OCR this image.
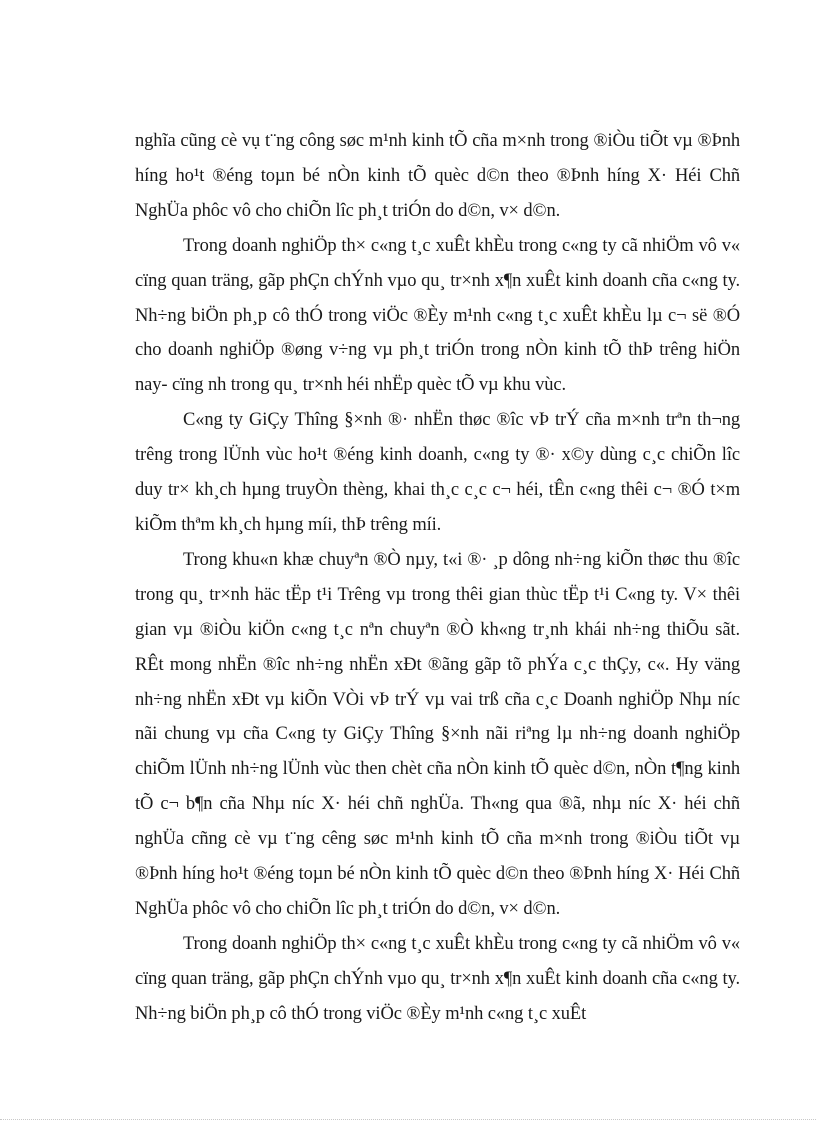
nghĩa cũng cè vụ t¨ng công søc m¹nh kinh tÕ cña m×nh trong ®iÒu tiÕt vµ ®Þnh híng ho¹t ®éng toµn bé nÒn kinh tÕ quèc d©n theo ®Þnh híng X· Héi Chñ NghÜa phôc vô cho chiÕn lîc ph¸t triÓn do d©n, v× d©n.

Trong doanh nghiÖp th× c«ng t¸c xuÊt khÈu trong c«ng ty cã nhiÖm vô v« cïng quan träng, gãp phÇn chÝnh vµo qu¸ tr×nh x¶n xuÊt kinh doanh cña c«ng ty. Nh÷ng biÖn ph¸p cô thÓ trong viÖc ®Èy m¹nh c«ng t¸c xuÊt khÈu lµ c¬ së ®Ó cho doanh nghiÖp ®øng v÷ng vµ ph¸t triÓn trong nÒn kinh tÕ thÞ trêng hiÖn nay- cïng nh trong qu¸ tr×nh héi nhËp quèc tÕ vµ khu vùc.

C«ng ty GiÇy Thîng §×nh ®· nhËn thøc ®îc vÞ trÝ cña m×nh trªn th¬ng trêng trong lÜnh vùc ho¹t ®éng kinh doanh, c«ng ty ®· x©y dùng c¸c chiÕn lîc duy tr× kh¸ch hµng truyÒn thèng, khai th¸c c¸c c¬ héi, tÊn c«ng thêi c¬ ®Ó t×m kiÕm thªm kh¸ch hµng míi, thÞ trêng míi.

Trong khu«n khæ chuyªn ®Ò nµy, t«i ®· ¸p dông nh÷ng kiÕn thøc thu ®îc trong qu¸ tr×nh häc tËp t¹i Trêng vµ trong thêi gian thùc tËp t¹i C«ng ty. V× thêi gian vµ ®iÒu kiÖn c«ng t¸c nªn chuyªn ®Ò kh«ng tr¸nh khái nh÷ng thiÕu sãt. RÊt mong nhËn ®îc nh÷ng nhËn xÐt ®ãng gãp tõ phÝa c¸c thÇy, c«. Hy väng nh÷ng nhËn xÐt vµ kiÕn VÒi vÞ trÝ vµ vai trß cña c¸c Doanh nghiÖp Nhµ níc nãi chung vµ cña C«ng ty GiÇy Thîng §×nh nãi riªng lµ nh÷ng doanh nghiÖp chiÕm lÜnh nh÷ng lÜnh vùc then chèt cña nÒn kinh tÕ quèc d©n, nÒn t¶ng kinh tÕ c¬ b¶n cña Nhµ níc X· héi chñ nghÜa. Th«ng qua ®ã, nhµ níc X· héi chñ nghÜa cñng cè vµ t¨ng cêng søc m¹nh kinh tÕ cña m×nh trong ®iÒu tiÕt vµ ®Þnh híng ho¹t ®éng toµn bé nÒn kinh tÕ quèc d©n theo ®Þnh híng X· Héi Chñ NghÜa phôc vô cho chiÕn lîc ph¸t triÓn do d©n, v× d©n.

Trong doanh nghiÖp th× c«ng t¸c xuÊt khÈu trong c«ng ty cã nhiÖm vô v« cïng quan träng, gãp phÇn chÝnh vµo qu¸ tr×nh x¶n xuÊt kinh doanh cña c«ng ty. Nh÷ng biÖn ph¸p cô thÓ trong viÖc ®Èy m¹nh c«ng t¸c xuÊt
